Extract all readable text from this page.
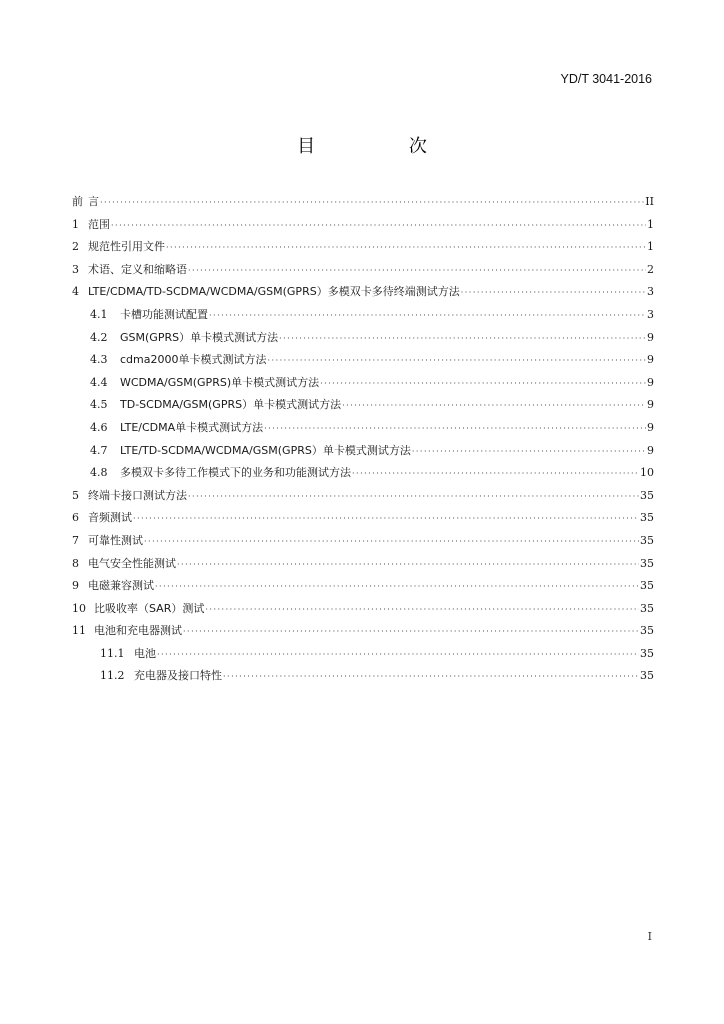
YD/T 3041-2016
目 次
前 言 ·····	II
1 范围 ·····	1
2 规范性引用文件 ·····	1
3 术语、定义和缩略语 ·····	2
4 LTE/CDMA/TD-SCDMA/WCDMA/GSM(GPRS）多模双卡多待终端测试方法 ·····	3
4.1	卡槽功能测试配置 ·····	3
4.2	GSM(GPRS）单卡模式测试方法 ·····	9
4.3	cdma2000单卡模式测试方法 ·····	9
4.4	WCDMA/GSM(GPRS)单卡模式测试方法 ·····	9
4.5	TD-SCDMA/GSM(GPRS）单卡模式测试方法 ·····	9
4.6	LTE/CDMA单卡模式测试方法 ·····	9
4.7	LTE/TD-SCDMA/WCDMA/GSM(GPRS）单卡模式测试方法 ·····	9
4.8	多模双卡多待工作模式下的业务和功能测试方法 ·····	10
5 终端卡接口测试方法 ·····	35
6 音频测试 ·····	35
7 可靠性测试 ·····	35
8 电气安全性能测试 ·····	35
9 电磁兼容测试 ·····	35
10 比吸收率（SAR）测试 ·····	35
11 电池和充电器测试 ·····	35
11.1 电池 ·····	35
11.2 充电器及接口特性 ·····	35
I
